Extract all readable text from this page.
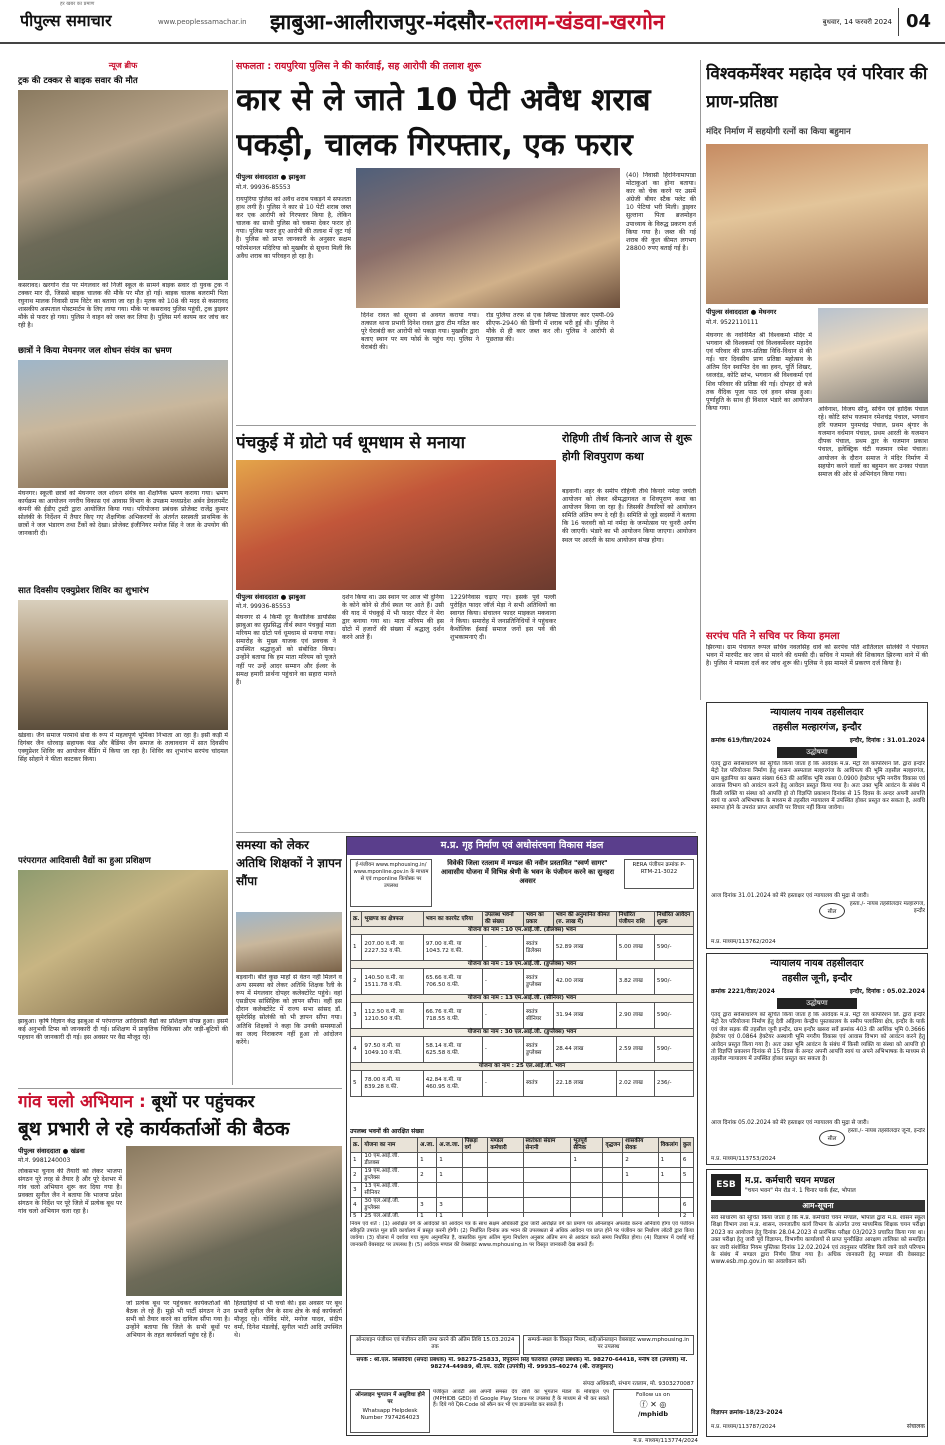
पीपुल्स समाचार
हर खबर का प्रमाण
www.peoplessamachar.in	झाबुआ-आलीराजपुर-मंदसौर-रतलाम-खंडवा-खरगोन	बुधवार, 14 फरवरी 2024 04
न्यूज ब्रीफ
ट्रक की टक्कर से बाइक सवार की मौत
कसरावद। खरगोन रोड पर मंगलवार को निजी स्कूल के सामने बाइक सवार दो युवक ट्रक ने टक्कर मार दी, जिससे बाइक चालक की मौके पर मौत हो गई। बाइक चालक बलरामी पिता रघुनाथ मालक निवासी ग्राम विटेर का बताया जा रहा है। मृतक को 108 की मदद से कसरावद शासकीय अस्पताल पोस्टमार्टम के लिए लाया गया। मौके पर कसरावद पुलिस पहुंची, ट्रक ड्राइवर मौके से फरार हो गया। पुलिस ने वाहन को जब्त कर लिया है। पुलिस मर्ग कायम कर जांच कर रही है।
छात्रों ने किया मेघनगर जल शोधन संयंत्र का भ्रमण
मेघनगर। स्कूली छात्रों को मेघनगर जल शोधन संयंत्र का शैक्षणिक भ्रमण कराया गया। भ्रमण कार्यक्रम का आयोजन नगरीय विकास एवं आवास विभाग के उपक्रम मध्यप्रदेश अर्बन डेवलपमेंट कंपनी की ईडीए ट्रस्टी द्वारा आयोजित किया गया। परियोजना प्रबंधक प्रोजेक्ट राजेंद्र कुमार सोलंकी के निर्देशन में तैयार किए गए शैक्षणिक अभिकरणों के अंतर्गत सरस्वती प्राथमिक के छात्रों ने जल भंडारण तथा टैंकों को देखा। प्रोजेक्ट इंजीनियर मनोज सिंह ने जल के उपयोग की जानकारी दी।
सात दिवसीय एक्युप्रेशर शिविर का शुभारंभ
खंडवा। जैन समाज परमार्थ सेवा के रूप में महत्वपूर्ण भूमिका निभाता आ रहा है। इसी कड़ी में दिगंबर जैन धोरवाड़ सहायक फंड और बैडिंग्स जैन समाज के तत्वावधान में सात दिवसीय एक्युप्रेशर शिविर का आयोजन बैंडिंग में किया जा रहा है। शिविर का शुभारंभ सरपंच चांदमल सिंह सोहाने ने फीता काटकर किया।
परंपरागत आदिवासी वैद्यों का हुआ प्रशिक्षण
झाबुआ। कृषि विज्ञान केंद्र झाबुआ में परंपरागत आदिवासी वैद्यों का प्रशिक्षण संपन्न हुआ। इसमें कई अनुभवी टिप्स को जानकारी दी गई। प्रशिक्षण में प्राकृतिक चिकित्सा और जड़ी-बूटियों की पहचान की जानकारी दी गई। इस अवसर पर वैद्य मौजूद रहे।
सफलता : रायपुरिया पुलिस ने की कार्रवाई, सह आरोपी की तलाश शुरू
कार से ले जाते 10 पेटी अवैध शराब पकड़ी, चालक गिरफ्तार, एक फरार
पीपुल्स संवाददाता ● झाबुआ
मो.नं. 99936-85553
रायपुरिया पुलिस को अवैध शराब पकड़ने में सफलता हाथ लगी है। पुलिस ने कार से 10 पेटी शराब जब्त कर एक आरोपी को गिरफ्तार किया है, लेकिन चालक का साथी पुलिस को चकमा देकर फरार हो गया। पुलिस फरार हुए आरोपी की तलाश में जुट गई है। पुलिस को प्राप्त जानकारी के अनुसार सक्षम फॉरमेशनल मदिरिया को मुखबीर से सूचना मिली कि अवैध शराब का परिवहन हो रहा है।
दिनेश रावत को सूचना से अवगत कराया गया। तत्काल थाना प्रभारी दिनेश रावत द्वारा टीम गठित कर पूरे घेराबंदी कर आरोपी को पकड़ा गया। मुखबीर द्वारा बताए स्थान पर मय फोर्स के पहुंच गए। पुलिस ने घेराबंदी की।
रोड पुलिया तरफ से एक स्विफ्ट डिजायर कार एमपी-09 सीएफ-2940 की डिग्गी में शराब भरी हुई थी। पुलिस ने मौके से ही कार जब्त कर ली। पुलिस ने आरोपी से पूछताछ की।
(40) निवासी हिरनिनामापाडा मोटाकुआं का होना बताया। कार को चेक करने पर उसमें अंग्रेजी बीयर स्टैक फ्लेट की 10 पेटियां भरी मिली। ड्राइवर सुल्ताना पिता ब्रजमोहन उपाध्याय के विरुद्ध प्रकरण दर्ज किया गया है। जब्त की गई शराब की कुल कीमत लगभग 28800 रुपए बताई गई है।
विश्वकर्मेश्वर महादेव एवं परिवार की प्राण-प्रतिष्ठा
मंदिर निर्माण में सहयोगी रत्नों का किया बहुमान
पीपुल्स संवाददाता ● मेघनगर
मो.नं. 9522110111
मेघनगर के नवनिर्मित श्री विश्वकर्मा मंदिर में भगवान श्री विश्वकर्मा एवं विश्वकर्मेश्वर महादेव एवं परिवार की प्राण-प्रतिष्ठा विधि-विधान से की गई। चार दिवसीय प्राण प्रतिष्ठा महोत्सव के अंतिम दिन स्थापित देव का हवन, पूर्ति शिखर, ध्वजदंड, कोटि स्तंभ, भगवान श्री विश्वकर्मा एवं शिव परिवार की प्रतिष्ठा की गई। दोपहर दो बजे तक वैदिक पूजा पाठ एवं हवन संपन्न हुआ। पूर्णाहुति के साथ ही विशाल भंडारे का आयोजन किया गया।	अविनाश, विजय सीनू, सचिन एवं हार्दिक पंचाल रहे। कोटि स्तंभ यजमान रमेशचंद्र पंचाल, भगवान हरि यजमान पुनमचंद्र पंचाल, प्रथम श्रृंगार के यजमान वर्धमान पंचाल, प्रथम आरती के यजमान दीपक पंचाल, प्रथम द्वार के यजमान प्रकाश पंचाल, इलेक्ट्रिक घंटी यजमान रमेश पंचाल। आयोजन के दौरान समाज ने मंदिर निर्माण में सहयोग करने वालों का बहुमान कर उनका पंचाल समाज की ओर से अभिनंदन किया गया।
सरपंच पति ने सचिव पर किया हमला
झिरन्या। ग्राम पंचायत रूपल सचिव नवलसिंह धार्वे को सरपंच पति शांतिलाल सोलंकी ने पंचायत भवन में मारपीट कर जान से मारने की धमकी दी। सचिव ने मामले की शिकायत झिरन्या थाने में की है। पुलिस ने मामला दर्ज कर जांच शुरू की। पुलिस ने इस मामले में प्रकरण दर्ज किया है।
पंचकुई में ग्रोटो पर्व धूमधाम से मनाया
पीपुल्स संवाददाता ● झाबुआ
मो.नं. 99936-85553
मेघनगर से 4 किमी दूर कैथोलिक डायसिस झाबुआ का सुप्रसिद्ध तीर्थ स्थान पंचकुई माता मरियम का ग्रोटो पर्व धूमधाम से मनाया गया। समारोह के मुख्य याजक एवं प्रवचक ने उपस्थित श्रद्धालुओं को संबोधित किया। उन्होंने बताया कि हम माता मरियम को पूजते नहीं पर उन्हें आदर सम्मान और ईश्वर के समक्ष हमारी प्रार्थना पहुंचाने का सहारा मानते हैं।
दर्शन किया था। उस स्थान पर आज भी दुनिया के कोने कोने से तीर्थ स्थल पर आते हैं। उसी की याद में पंचकुई में भी फादर पीटर ने मेरा द्वार बनाया गया था। माता मरियम की इस ग्रोटो में हजारों की संख्या में श्रद्धालु दर्शन करने आते हैं।
1229निवास चढ़ाए गए। इसके पूर्व पल्ली पुरोहित फादर जॉर्ज मेड़ा ने सभी अतिथियों का स्वागत किया। संचालन फादर माइकल मकवाना ने किया। समारोह में जनप्रतिनिधियों ने पहुंचकर कैथोलिक ईसाई समाज जनों इस पर्व की शुभकामनाएं दी।
रोहिणी तीर्थ किनारे आज से शुरू होगी शिवपुराण कथा
बड़वानी। शहर के समीप रोहिणी तीर्थ किनारे नर्मदा जयंती आयोजन को लेकर श्रीमद्भागवत व शिवपुराण कथा का आयोजन किया जा रहा है। जिसकी तैयारियों को आयोजन समिति अंतिम रूप दे रही है। समिति से जुड़े सदस्यों ने बताया कि 16 फरवरी को मां नर्मदा के जन्मोत्सव पर चुनरी अर्पण की जाएगी। भंडारे का भी आयोजन किया जाएगा। आयोजन स्थल पर आरती के साथ आयोजन संपन्न होगा।
समस्या को लेकर अतिथि शिक्षकों ने ज्ञापन सौंपा
बड़वानी। बीते कुछ माहों से वेतन नहीं मिलने व अन्य समस्या को लेकर अतिथि शिक्षक रैली के रूप में मंगलवार दोपहर कलेक्टोरेट पहुंचे। वहां एसडीएम सांसिहिक को ज्ञापन सौंपा। वहीं इस दौरान कलेक्टोरेट में राज्य सभा सांसद डॉ. सुमेरसिंह सोलंकी को भी ज्ञापन सौंपा गया। अतिथि शिक्षकों ने कहा कि उनकी समस्याओं का जल्द निराकरण नहीं हुआ तो आंदोलन करेंगे।
म.प्र. गृह निर्माण एवं अधोसंरचना विकास मंडल
ई-पंजीयन www.mphousing.in/ www.mponline.gov.in के माध्यम से एवं mponline कियोस्क पर उपलब्ध
विवेकी जिला रतलाम में मण्डल की नवीन प्रस्तावित "स्वर्ण सागर" आवासीय योजना में विभिन्न श्रेणी के भवन के पंजीयन करने का सुनहरा अवसर
RERA पंजीयन क्रमांक P-RTM-21-3022
क्र.	भूखण्ड का क्षेत्रफल	भवन का कारपेट एरिया	उपलब्ध भवनों की संख्या	भवन का प्रकार	भवन की अनुमानित कीमत (रु. लाख में)	निर्धारित पंजीयन राशि	निर्धारित आवेदन शुल्क
योजना का नाम : 10 एम.आई.जी. (डीलक्स) भवन							
1	207.00 व.मी. या 2227.32 व.फी.	97.00 व.मी. या 1043.72 व.फी.	-	स्वतंत्र डिलेक्स	52.89 लाख	5.00 लाख	590/-
योजना का नाम : 19 एम.आई.जी. (डुप्लेक्स) भवन							
2	140.50 व.मी. या 1511.78 व.फी.	65.66 व.मी. या 706.50 व.फी.	-	स्वतंत्र डुप्लेक्स	42.00 लाख	3.82 लाख	590/-
योजना का नाम : 13 एम.आई.जी. (सीनियर) भवन							
3	112.50 व.मी. या 1210.50 व.फी.	66.76 व.मी. या 718.55 व.फी.	-	स्वतंत्र सीनियर	31.94 लाख	2.90 लाख	590/-
योजना का नाम : 30 एल.आई.जी. (डुप्लेक्स) भवन							
4	97.50 व.मी. या 1049.10 व.फी.	58.14 व.मी. या 625.58 व.फी.	-	स्वतंत्र डुप्लेक्स	28.44 लाख	2.59 लाख	590/-
योजना का नाम : 25 एल.आई.जी. भवन							
5	78.00 व.मी. या 839.28 व.फी.	42.84 व.मी. या 460.95 व.फी.	-	स्वतंत्र	22.18 लाख	2.02 लाख	236/-
उपलब्ध भवनों की आरक्षित संख्या
क्र.	योजना का नाम	अ.जा.	अ.ज.जा.	पिछड़ा वर्ग	मण्डल कर्मचारी	स्वतंत्रता संग्राम सेनानी	भूतपूर्व सैनिक	वृद्धजन	शासकीय सेवक	विकलांग	कुल
1	10 एम.आई.जी. डीलक्स	1	1				1		2	1	6
2	19 एम.आई.जी. डुप्लेक्स	2	1						1	1	5
3	13 एम.आई.जी. सीनियर										
4	30 एल.आई.जी. डुप्लेक्स	3	3								6
5	25 एल.आई.जी.	1	1								2
नियम एवं शर्तें : (1) आरक्षित वर्ग के आवेदकों को आवेदन पत्र के साथ सक्षम अधिकारी द्वारा जारी आरक्षित वर्ग का प्रमाण पत्र ऑनलाइन अपलोड करना अनिवार्य होगा एवं पंजीयन स्वीकृति उपरांत मूल प्रति कार्यालय में प्रस्तुत करनी होगी। (2) निर्धारित दिनांक तक भवन की उपलब्धता से अधिक आवेदन पत्र प्राप्त होने पर पंजीयन का निर्धारण लॉटरी द्वारा किया जायेगा। (3) योजना में दर्शाया गया मूल्य अनुमानित है, वास्तविक मूल्य अंतिम मूल्य निर्धारण अनुसार अंतिम रूप से आवंटन करते समय निर्धारित होगा। (4) विज्ञापन में दर्शाई गई जानकारी वेबसाइट पर उपलब्ध है। (5) आवेदक मण्डल की वेबसाइट www.mphousing.in पर विस्तृत जानकारी देख सकते हैं।
ऑनलाइन पंजीयन एवं पंजीयन राशि जमा करने की अंतिम तिथि 15.03.2024 तक
सम्पर्क-स्थल के विस्तृत नियम, शर्तें/ऑनलाइन वेबसाइट www.mphousing.in पर उपलब्ध
संपर्क : श्री.एल. सिसोदिया (संपदा प्रबंधक) मो. 98275-25833, रिपुदमन सिंह चतरावत (संपदा प्रबंधक) मो. 98270-64418, मनीष दवे (उपयंत्री) मो. 98274-44989, श्री.एम. राठौर (उपयंत्री) मो. 99935-40274 (श्री. राजकुमार)
संपदा अधिकारी, संभाग रतलाम, मो. 9303270087
ऑनलाइन भुगतान में असुविधा होने पर
Whatsapp Helpdesk Number 7974264023
पंजीकृत आवंटी अब अपनी समस्त देय राशि का भुगतान मंडल के मोबाइल एप (MPHIDB_GEO) वॉ Google Play Store पर उपलब्ध है के माध्यम से भी कर सकते हैं। दिये गये QR-Code को स्कैन कर भी एप डाउनलोड कर सकते हैं।
Follow us on
ⓕ ✕ ◎
/mphidb
म.प्र. माध्यम/113774/2024
गांव चलो अभियान : बूथों पर पहुंचकर
बूथ प्रभारी ले रहे कार्यकर्ताओं की बैठक
पीपुल्स संवाददाता ● खंडवा
मो.नं. 9981240003
लोकसभा चुनाव की तैयारी को लेकर भाजपा संगठन पूरे तरह से तैयार है और पूरे देशभर में गांव चलो अभियान शुरू कर दिया गया है। प्रवक्ता सुनील जैन ने बताया कि भाजपा प्रदेश संगठन के निर्देश पर पूरे जिले में प्रत्येक बूथ पर गांव चलो अभियान चला रहा है।
जो प्रत्येक बूथ पर पहुंचकर कार्यकर्ताओं की बैठक ले रहे हैं। मुझे भी पार्टी संगठन ने उन सभी को तैयार करने का दायित्व सौंपा गया है। उन्होंने बताया कि जिले के सभी बूथों पर अभियान के तहत कार्यकर्ता पहुंच रहे हैं।
हितग्राहियों से भी चर्चा की। इस अवसर पर बूथ प्रभारी सुनील जैन के साथ क्षेत्र के कई कार्यकर्ता मौजूद रहे। गोविंद मोरे, मनोज यादव, संदीप वर्मा, दिनेश मंडलोई, सुनील भाटी आदि उपस्थित थे।
न्यायालय नायब तहसीलदार
तहसील मल्हारगंज, इन्दौर
क्रमांक 619/रीडर/2024	इन्दौर, दिनांक : 31.01.2024
उद्घोषणा
एतद् द्वारा सर्वसाधारण को सूचित किया जाता है कि आवेदक म.प्र. मेट्रो रेल कॉर्पोरेशन लि. द्वारा इन्दौर मेट्रो रेल परियोजना निर्माण हेतु शासन अस्पताल मल्हारगंज के आधिपत्य की भूमि तहसील मल्हारगंज, ग्राम बुढ़ानिया का खसरा संख्या 663 की आशिंक भूमि रकबा 0.0900 हेक्टेयर भूमि नगरीय विकास एवं आवास विभाग को आवंटन करने हेतु आवेदन प्रस्तुत किया गया है। अतः उक्त भूमि आवंटन के संबंध में किसी व्यक्ति या संस्था को आपत्ति हो तो विज्ञप्ति प्रकाशन दिनांक से 15 दिवस के अन्दर अपनी आपत्ति स्वयं या अपने अभिभाषक के माध्यम से तहसील न्यायालय में उपस्थित होकर प्रस्तुत कर सकता है, अवधि समाप्त होने के उपरांत प्राप्त आपत्ति पर विचार नहीं किया जावेगा।
आज दिनांक 31.01.2024 को मेरे हस्ताक्षर एवं न्यायालय की मुद्रा से जारी।
सील
हस्ता./- नायब तहसीलदार मल्हारगंज, इन्दौर
म.प्र. माध्यम/113762/2024
न्यायालय नायब तहसीलदार
तहसील जूनी, इन्दौर
क्रमांक 2221/रीडर/2024	इन्दौर, दिनांक : 05.02.2024
उद्घोषणा
एतद् द्वारा सर्वसाधारण को सूचित किया जाता है कि आवेदक म.प्र. मेट्रो रेल कॉर्पोरेशन लि. द्वारा इन्दौर मेट्रो रेल परियोजना निर्माण हेतु देवी अहिल्या केन्द्रीय पुस्तकालय के समीप पलासिया क्षेत्र, इन्दौर के पार्क एवं जेल सड़क की तहसील जूनी इन्दौर, ग्राम इन्दौर खसरा सर्वे क्रमांक 403 की आशिंक भूमि 0.3666 हेक्टेयर एवं 0.0864 हेक्टेयर अस्थायी भूमि नगरीय विकास एवं आवास विभाग को आवंटन करने हेतु आवेदन प्रस्तुत किया गया है। अतः उक्त भूमि आवंटन के संबंध में किसी व्यक्ति या संस्था को आपत्ति हो तो विज्ञप्ति प्रकाशन दिनांक से 15 दिवस के अन्दर अपनी आपत्ति स्वयं या अपने अभिभाषक के माध्यम से तहसील न्यायालय में उपस्थित होकर प्रस्तुत कर सकता है।
आज दिनांक 05.02.2024 को मेरे हस्ताक्षर एवं न्यायालय की मुद्रा से जारी।
सील
हस्ता./- नायब तहसीलदार जूनी, इन्दौर
म.प्र. माध्यम/113753/2024
ESB	म.प्र. कर्मचारी चयन मण्डल
"चयन भवन" मेन रोड नं. 1 चिनार पार्क ईस्ट, भोपाल
आम-सूचना
सर्व साधारण को सूचित किया जाता है कि म.प्र. कर्मचारी चयन मण्डल, भोपाल द्वारा म.प्र. शासन स्कूल शिक्षा विभाग तथा म.प्र. शासन, जनजातीय कार्य विभाग के अंतर्गत उच्च माध्यमिक शिक्षक चयन परीक्षा 2023 का आयोजन हेतु दिनांक 28.04.2023 से प्रारंभिक परीक्षा 03/2023 प्रचारित किया गया था। उक्त परीक्षा हेतु जारी पूर्व विज्ञापन, विभागीय कार्यालयों से प्राप्त पुनरीक्षित आरक्षण तालिका को समाहित कर जारी संशोधित नियम पुस्तिका दिनांक 12.02.2024 एवं तदनुसार परिशिष्ट कियें जाने वाले परिणाम के संबंध में मण्डल द्वारा निर्णय लिया गया है। अधिक जानकारी हेतु मण्डल की वेबसाइट www.esb.mp.gov.in का अवलोकन करें।
विज्ञापन क्रमांक-18/23-2024
म.प्र. माध्यम/113787/2024	संचालक
